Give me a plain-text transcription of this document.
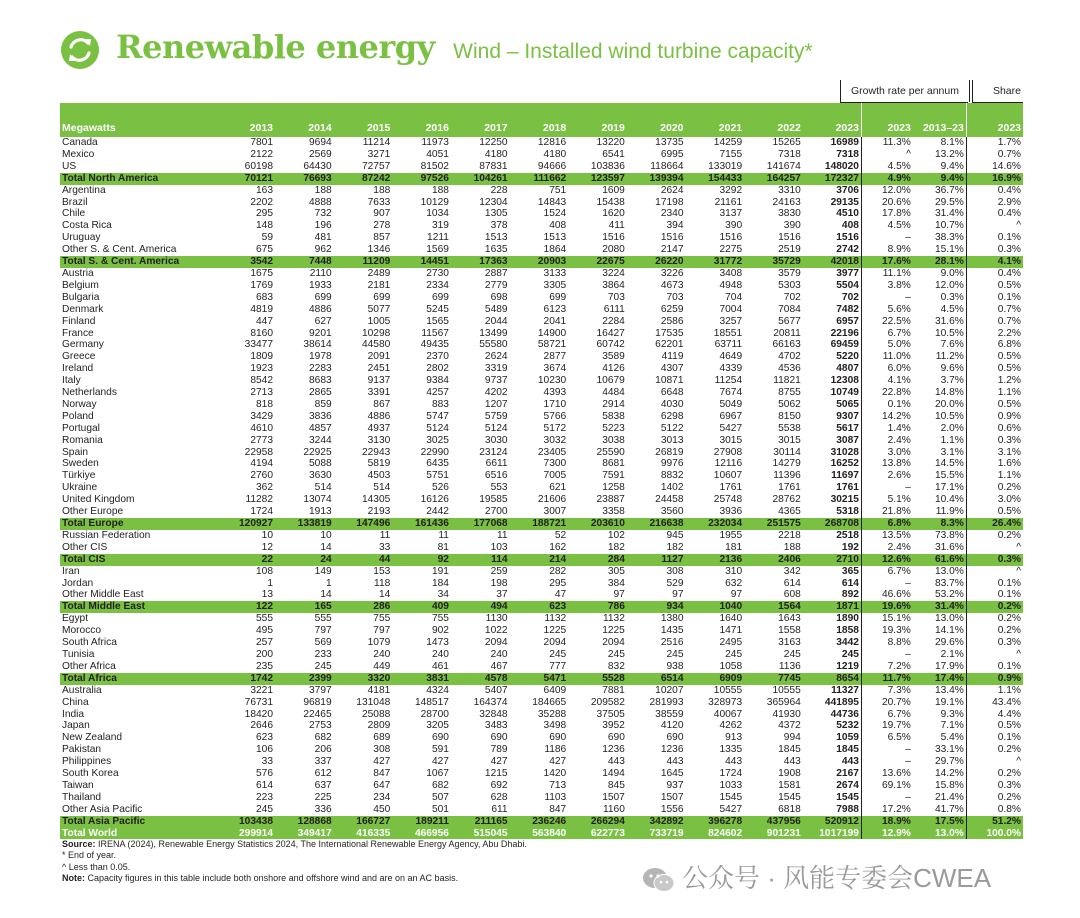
Renewable energy Wind – Installed wind turbine capacity*
Growth rate per annum	Share
Megawatts	2013	2014	2015	2016	2017	2018	2019	2020	2021	2022	2023	2023	2013–23	2023
Canada	7801	9694	11214	11973	12250	12816	13220	13735	14259	15265	16989	11.3%	8.1%	1.7%
Mexico	2122	2569	3271	4051	4180	4180	6541	6995	7155	7318	7318	^	13.2%	0.7%
US	60198	64430	72757	81502	87831	94666	103836	118664	133019	141674	148020	4.5%	9.4%	14.6%
Total North America	70121	76693	87242	97526	104261	111662	123597	139394	154433	164257	172327	4.9%	9.4%	16.9%
Argentina	163	188	188	188	228	751	1609	2624	3292	3310	3706	12.0%	36.7%	0.4%
Brazil	2202	4888	7633	10129	12304	14843	15438	17198	21161	24163	29135	20.6%	29.5%	2.9%
Chile	295	732	907	1034	1305	1524	1620	2340	3137	3830	4510	17.8%	31.4%	0.4%
Costa Rica	148	196	278	319	378	408	411	394	390	390	408	4.5%	10.7%	^
Uruguay	59	481	857	1211	1513	1513	1516	1516	1516	1516	1516	–	38.3%	0.1%
Other S. & Cent. America	675	962	1346	1569	1635	1864	2080	2147	2275	2519	2742	8.9%	15.1%	0.3%
Total S. & Cent. America	3542	7448	11209	14451	17363	20903	22675	26220	31772	35729	42018	17.6%	28.1%	4.1%
Austria	1675	2110	2489	2730	2887	3133	3224	3226	3408	3579	3977	11.1%	9.0%	0.4%
Belgium	1769	1933	2181	2334	2779	3305	3864	4673	4948	5303	5504	3.8%	12.0%	0.5%
Bulgaria	683	699	699	699	698	699	703	703	704	702	702	–	0.3%	0.1%
Denmark	4819	4886	5077	5245	5489	6123	6111	6259	7004	7084	7482	5.6%	4.5%	0.7%
Finland	447	627	1005	1565	2044	2041	2284	2586	3257	5677	6957	22.5%	31.6%	0.7%
France	8160	9201	10298	11567	13499	14900	16427	17535	18551	20811	22196	6.7%	10.5%	2.2%
Germany	33477	38614	44580	49435	55580	58721	60742	62201	63711	66163	69459	5.0%	7.6%	6.8%
Greece	1809	1978	2091	2370	2624	2877	3589	4119	4649	4702	5220	11.0%	11.2%	0.5%
Ireland	1923	2283	2451	2802	3319	3674	4126	4307	4339	4536	4807	6.0%	9.6%	0.5%
Italy	8542	8683	9137	9384	9737	10230	10679	10871	11254	11821	12308	4.1%	3.7%	1.2%
Netherlands	2713	2865	3391	4257	4202	4393	4484	6648	7674	8755	10749	22.8%	14.8%	1.1%
Norway	818	859	867	883	1207	1710	2914	4030	5049	5062	5065	0.1%	20.0%	0.5%
Poland	3429	3836	4886	5747	5759	5766	5838	6298	6967	8150	9307	14.2%	10.5%	0.9%
Portugal	4610	4857	4937	5124	5124	5172	5223	5122	5427	5538	5617	1.4%	2.0%	0.6%
Romania	2773	3244	3130	3025	3030	3032	3038	3013	3015	3015	3087	2.4%	1.1%	0.3%
Spain	22958	22925	22943	22990	23124	23405	25590	26819	27908	30114	31028	3.0%	3.1%	3.1%
Sweden	4194	5088	5819	6435	6611	7300	8681	9976	12116	14279	16252	13.8%	14.5%	1.6%
Türkiye	2760	3630	4503	5751	6516	7005	7591	8832	10607	11396	11697	2.6%	15.5%	1.1%
Ukraine	362	514	514	526	553	621	1258	1402	1761	1761	1761	–	17.1%	0.2%
United Kingdom	11282	13074	14305	16126	19585	21606	23887	24458	25748	28762	30215	5.1%	10.4%	3.0%
Other Europe	1724	1913	2193	2442	2700	3007	3358	3560	3936	4365	5318	21.8%	11.9%	0.5%
Total Europe	120927	133819	147496	161436	177068	188721	203610	216638	232034	251575	268708	6.8%	8.3%	26.4%
Russian Federation	10	10	11	11	11	52	102	945	1955	2218	2518	13.5%	73.8%	0.2%
Other CIS	12	14	33	81	103	162	182	182	181	188	192	2.4%	31.6%	^
Total CIS	22	24	44	92	114	214	284	1127	2136	2406	2710	12.6%	61.6%	0.3%
Iran	108	149	153	191	259	282	305	308	310	342	365	6.7%	13.0%	^
Jordan	1	1	118	184	198	295	384	529	632	614	614	–	83.7%	0.1%
Other Middle East	13	14	14	34	37	47	97	97	97	608	892	46.6%	53.2%	0.1%
Total Middle East	122	165	286	409	494	623	786	934	1040	1564	1871	19.6%	31.4%	0.2%
Egypt	555	555	755	755	1130	1132	1132	1380	1640	1643	1890	15.1%	13.0%	0.2%
Morocco	495	797	797	902	1022	1225	1225	1435	1471	1558	1858	19.3%	14.1%	0.2%
South Africa	257	569	1079	1473	2094	2094	2094	2516	2495	3163	3442	8.8%	29.6%	0.3%
Tunisia	200	233	240	240	240	245	245	245	245	245	245	–	2.1%	^
Other Africa	235	245	449	461	467	777	832	938	1058	1136	1219	7.2%	17.9%	0.1%
Total Africa	1742	2399	3320	3831	4578	5471	5528	6514	6909	7745	8654	11.7%	17.4%	0.9%
Australia	3221	3797	4181	4324	5407	6409	7881	10207	10555	10555	11327	7.3%	13.4%	1.1%
China	76731	96819	131048	148517	164374	184665	209582	281993	328973	365964	441895	20.7%	19.1%	43.4%
India	18420	22465	25088	28700	32848	35288	37505	38559	40067	41930	44736	6.7%	9.3%	4.4%
Japan	2646	2753	2809	3205	3483	3498	3952	4120	4262	4372	5232	19.7%	7.1%	0.5%
New Zealand	623	682	689	690	690	690	690	690	913	994	1059	6.5%	5.4%	0.1%
Pakistan	106	206	308	591	789	1186	1236	1236	1335	1845	1845	–	33.1%	0.2%
Philippines	33	337	427	427	427	427	443	443	443	443	443	–	29.7%	^
South Korea	576	612	847	1067	1215	1420	1494	1645	1724	1908	2167	13.6%	14.2%	0.2%
Taiwan	614	637	647	682	692	713	845	937	1033	1581	2674	69.1%	15.8%	0.3%
Thailand	223	225	234	507	628	1103	1507	1507	1545	1545	1545	–	21.4%	0.2%
Other Asia Pacific	245	336	450	501	611	847	1160	1556	5427	6818	7988	17.2%	41.7%	0.8%
Total Asia Pacific	103438	128868	166727	189211	211165	236246	266294	342892	396278	437956	520912	18.9%	17.5%	51.2%
Total World	299914	349417	416335	466956	515045	563840	622773	733719	824602	901231	1017199	12.9%	13.0%	100.0%
Source: IRENA (2024), Renewable Energy Statistics 2024, The International Renewable Energy Agency, Abu Dhabi.
* End of year.
^ Less than 0.05.
Note: Capacity figures in this table include both onshore and offshore wind and are on an AC basis.	公众号 · 风能专委会CWEA
